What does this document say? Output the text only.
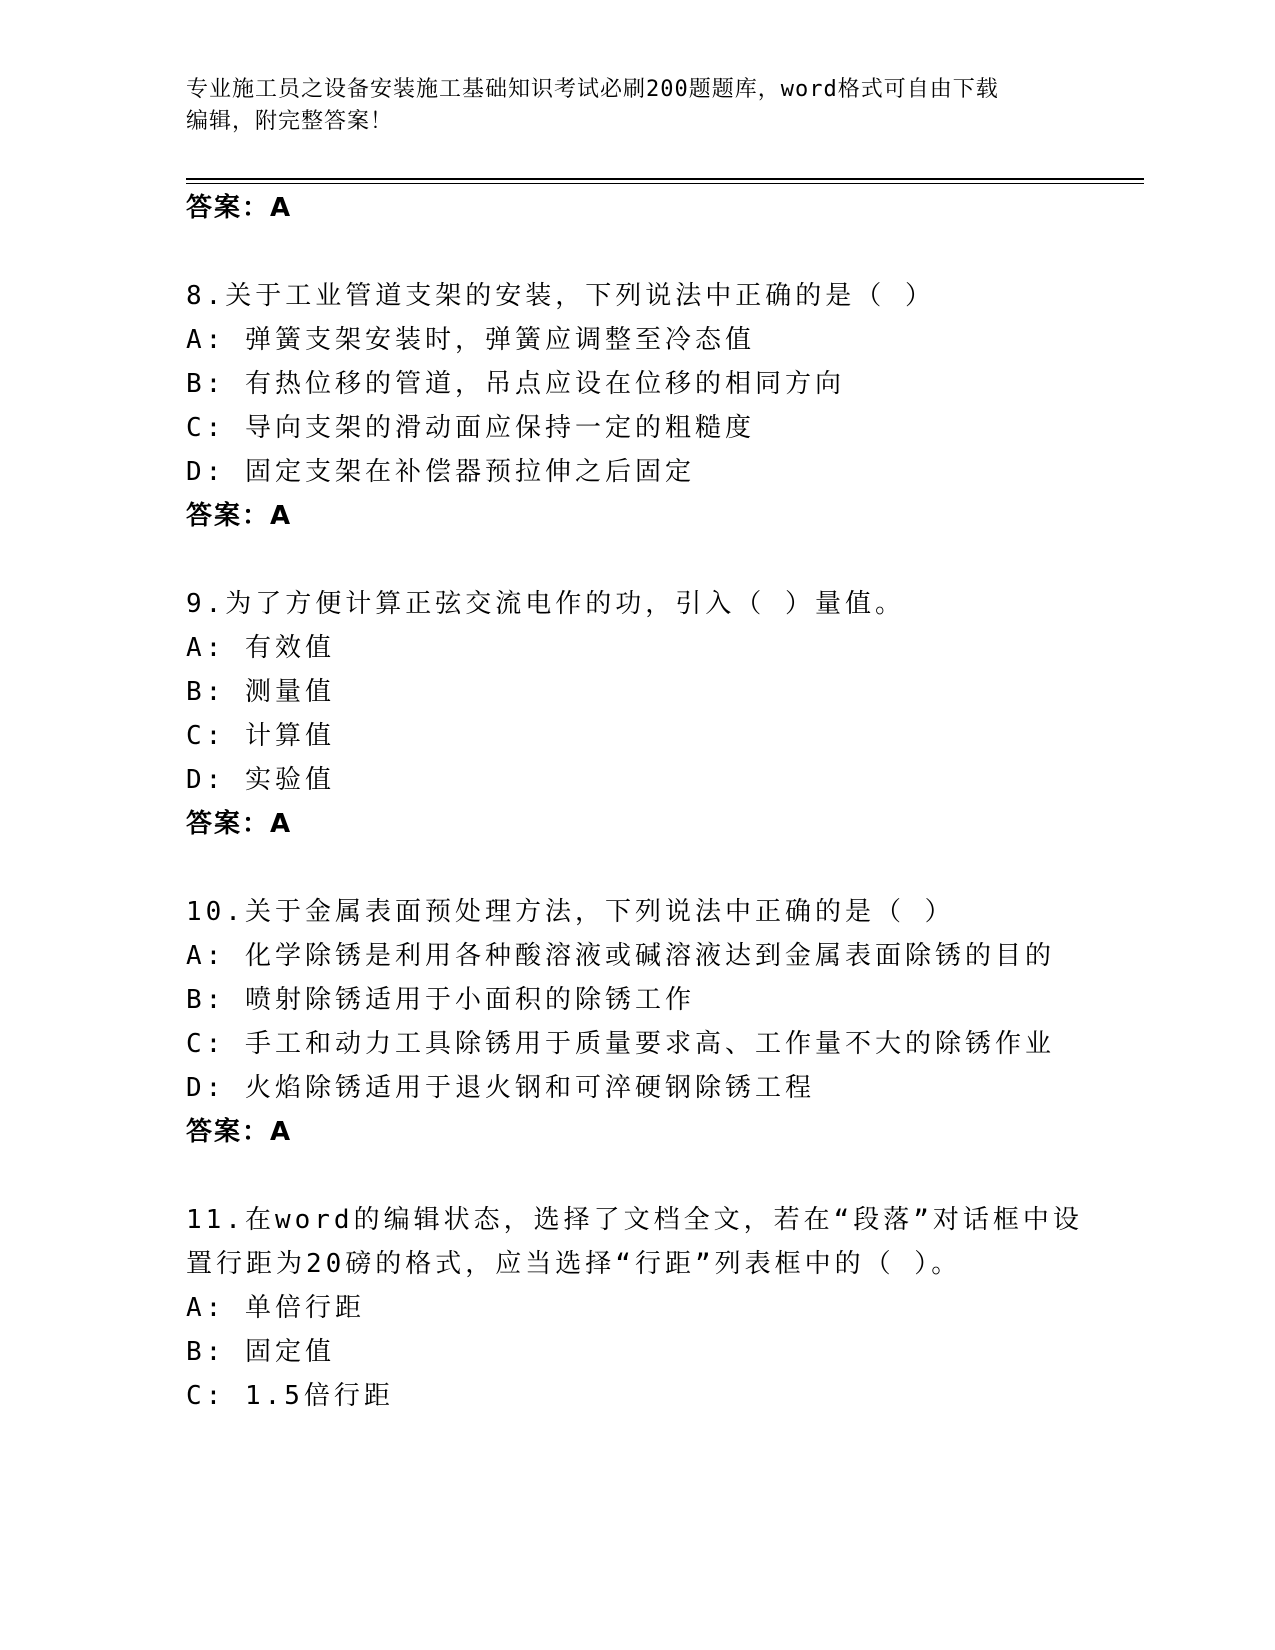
专业施工员之设备安装施工基础知识考试必刷200题题库，word格式可自由下载

编辑，附完整答案！

答案：A
8.关于工业管道支架的安装，下列说法中正确的是（ ）
A: 弹簧支架安装时，弹簧应调整至冷态值
B: 有热位移的管道，吊点应设在位移的相同方向
C: 导向支架的滑动面应保持一定的粗糙度
D: 固定支架在补偿器预拉伸之后固定
答案：A
9.为了方便计算正弦交流电作的功，引入（ ）量值。
A: 有效值
B: 测量值
C: 计算值
D: 实验值
答案：A
10.关于金属表面预处理方法，下列说法中正确的是（ ）
A: 化学除锈是利用各种酸溶液或碱溶液达到金属表面除锈的目的
B: 喷射除锈适用于小面积的除锈工作
C: 手工和动力工具除锈用于质量要求高、工作量不大的除锈作业
D: 火焰除锈适用于退火钢和可淬硬钢除锈工程
答案：A
11.在word的编辑状态，选择了文档全文，若在“段落”对话框中设
置行距为20磅的格式，应当选择“行距”列表框中的（ ）。
A: 单倍行距
B: 固定值
C: 1.5倍行距
